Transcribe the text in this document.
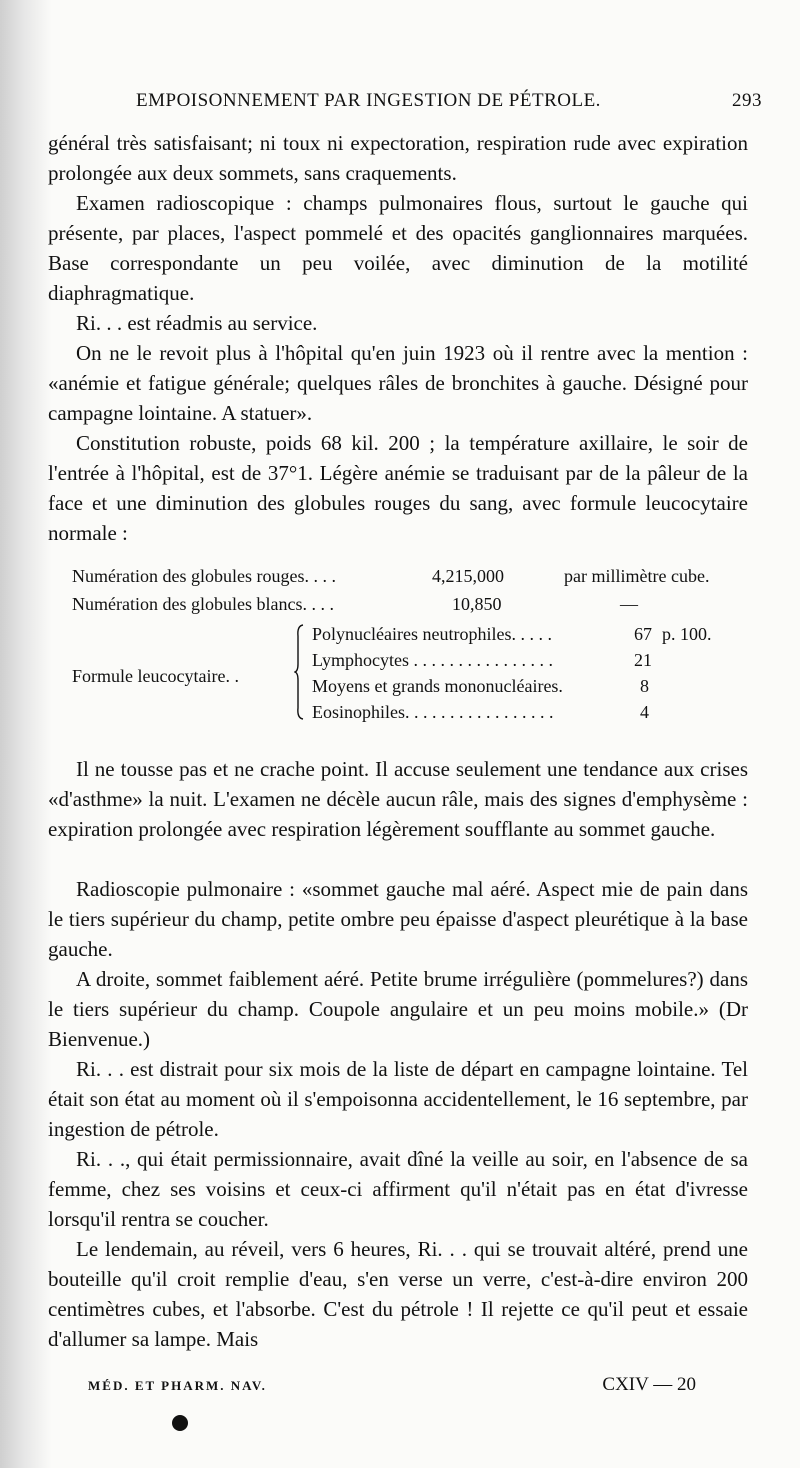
EMPOISONNEMENT PAR INGESTION DE PÉTROLE.	293

général très satisfaisant; ni toux ni expectoration, respiration rude avec expiration prolongée aux deux sommets, sans craquements.

Examen radioscopique : champs pulmonaires flous, surtout le gauche qui présente, par places, l'aspect pommelé et des opacités ganglionnaires marquées. Base correspondante un peu voilée, avec diminution de la motilité diaphragmatique.

Ri. . . est réadmis au service.

On ne le revoit plus à l'hôpital qu'en juin 1923 où il rentre avec la mention : «anémie et fatigue générale; quelques râles de bronchites à gauche. Désigné pour campagne lointaine. A statuer».

Constitution robuste, poids 68 kil. 200 ; la température axillaire, le soir de l'entrée à l'hôpital, est de 37°1. Légère anémie se traduisant par de la pâleur de la face et une diminution des globules rouges du sang, avec formule leucocytaire normale :

Numération des globules rouges. . . .	4,215,000	par millimètre cube.
Numération des globules blancs. . . .	10,850	—
Formule leucocytaire. .
Polynucléaires neutrophiles. . . . .	67 p. 100.
Lymphocytes . . . . . . . . . . . . . . . .	21
Moyens et grands mononucléaires.	8
Eosinophiles. . . . . . . . . . . . . . . . .	4

Il ne tousse pas et ne crache point. Il accuse seulement une tendance aux crises «d'asthme» la nuit. L'examen ne décèle aucun râle, mais des signes d'emphysème : expiration prolongée avec respiration légèrement soufflante au sommet gauche.

Radioscopie pulmonaire : «sommet gauche mal aéré. Aspect mie de pain dans le tiers supérieur du champ, petite ombre peu épaisse d'aspect pleurétique à la base gauche.

A droite, sommet faiblement aéré. Petite brume irrégulière (pommelures?) dans le tiers supérieur du champ. Coupole angulaire et un peu moins mobile.» (Dr Bienvenue.)

Ri. . . est distrait pour six mois de la liste de départ en campagne lointaine. Tel était son état au moment où il s'empoisonna accidentellement, le 16 septembre, par ingestion de pétrole.

Ri. . ., qui était permissionnaire, avait dîné la veille au soir, en l'absence de sa femme, chez ses voisins et ceux-ci affirment qu'il n'était pas en état d'ivresse lorsqu'il rentra se coucher.

Le lendemain, au réveil, vers 6 heures, Ri. . . qui se trouvait altéré, prend une bouteille qu'il croit remplie d'eau, s'en verse un verre, c'est-à-dire environ 200 centimètres cubes, et l'absorbe. C'est du pétrole ! Il rejette ce qu'il peut et essaie d'allumer sa lampe. Mais

MÉD. ET PHARM. NAV.	CXIV — 20
